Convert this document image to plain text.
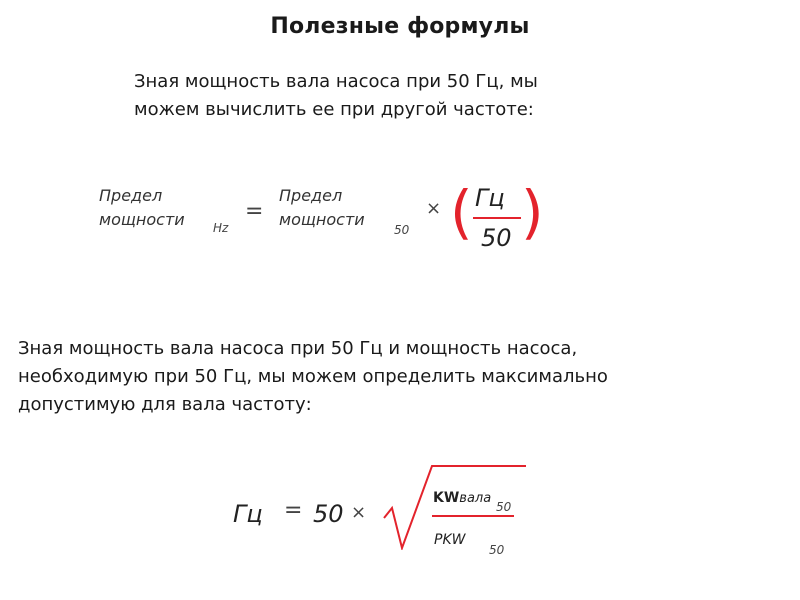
Полезные формулы
Зная мощность вала насоса при 50 Гц, мы
можем вычислить ее при другой частоте:
Предел
мощности Hz
=
Предел
мощности
50
× ( Гц
50 )
Зная мощность вала насоса при 50 Гц и мощность насоса,
необходимую при 50 Гц, мы можем определить максимально
допустимую для вала частоту:
Гц = 50 ×
KWвала
50
PKW
50
